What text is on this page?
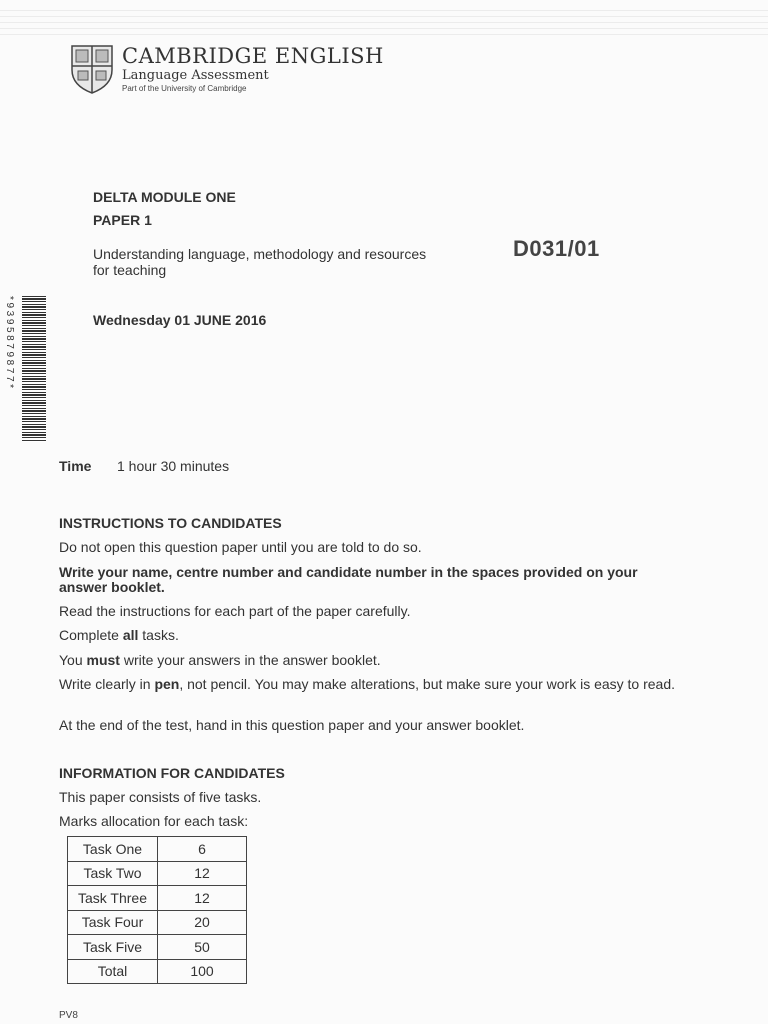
CAMBRIDGE ENGLISH
Language Assessment
Part of the University of Cambridge
DELTA MODULE ONE
PAPER 1
Understanding language, methodology and resources
for teaching
D031/01
Wednesday 01 JUNE 2016
*9395879877*
Time 1 hour 30 minutes
INSTRUCTIONS TO CANDIDATES
Do not open this question paper until you are told to do so.
Write your name, centre number and candidate number in the spaces provided on your answer booklet.
Read the instructions for each part of the paper carefully.
Complete all tasks.
You must write your answers in the answer booklet.
Write clearly in pen, not pencil. You may make alterations, but make sure your work is easy to read.
At the end of the test, hand in this question paper and your answer booklet.
INFORMATION FOR CANDIDATES
This paper consists of five tasks.
Marks allocation for each task:
Task One	6
Task Two	12
Task Three	12
Task Four	20
Task Five	50
Total	100
PV8
